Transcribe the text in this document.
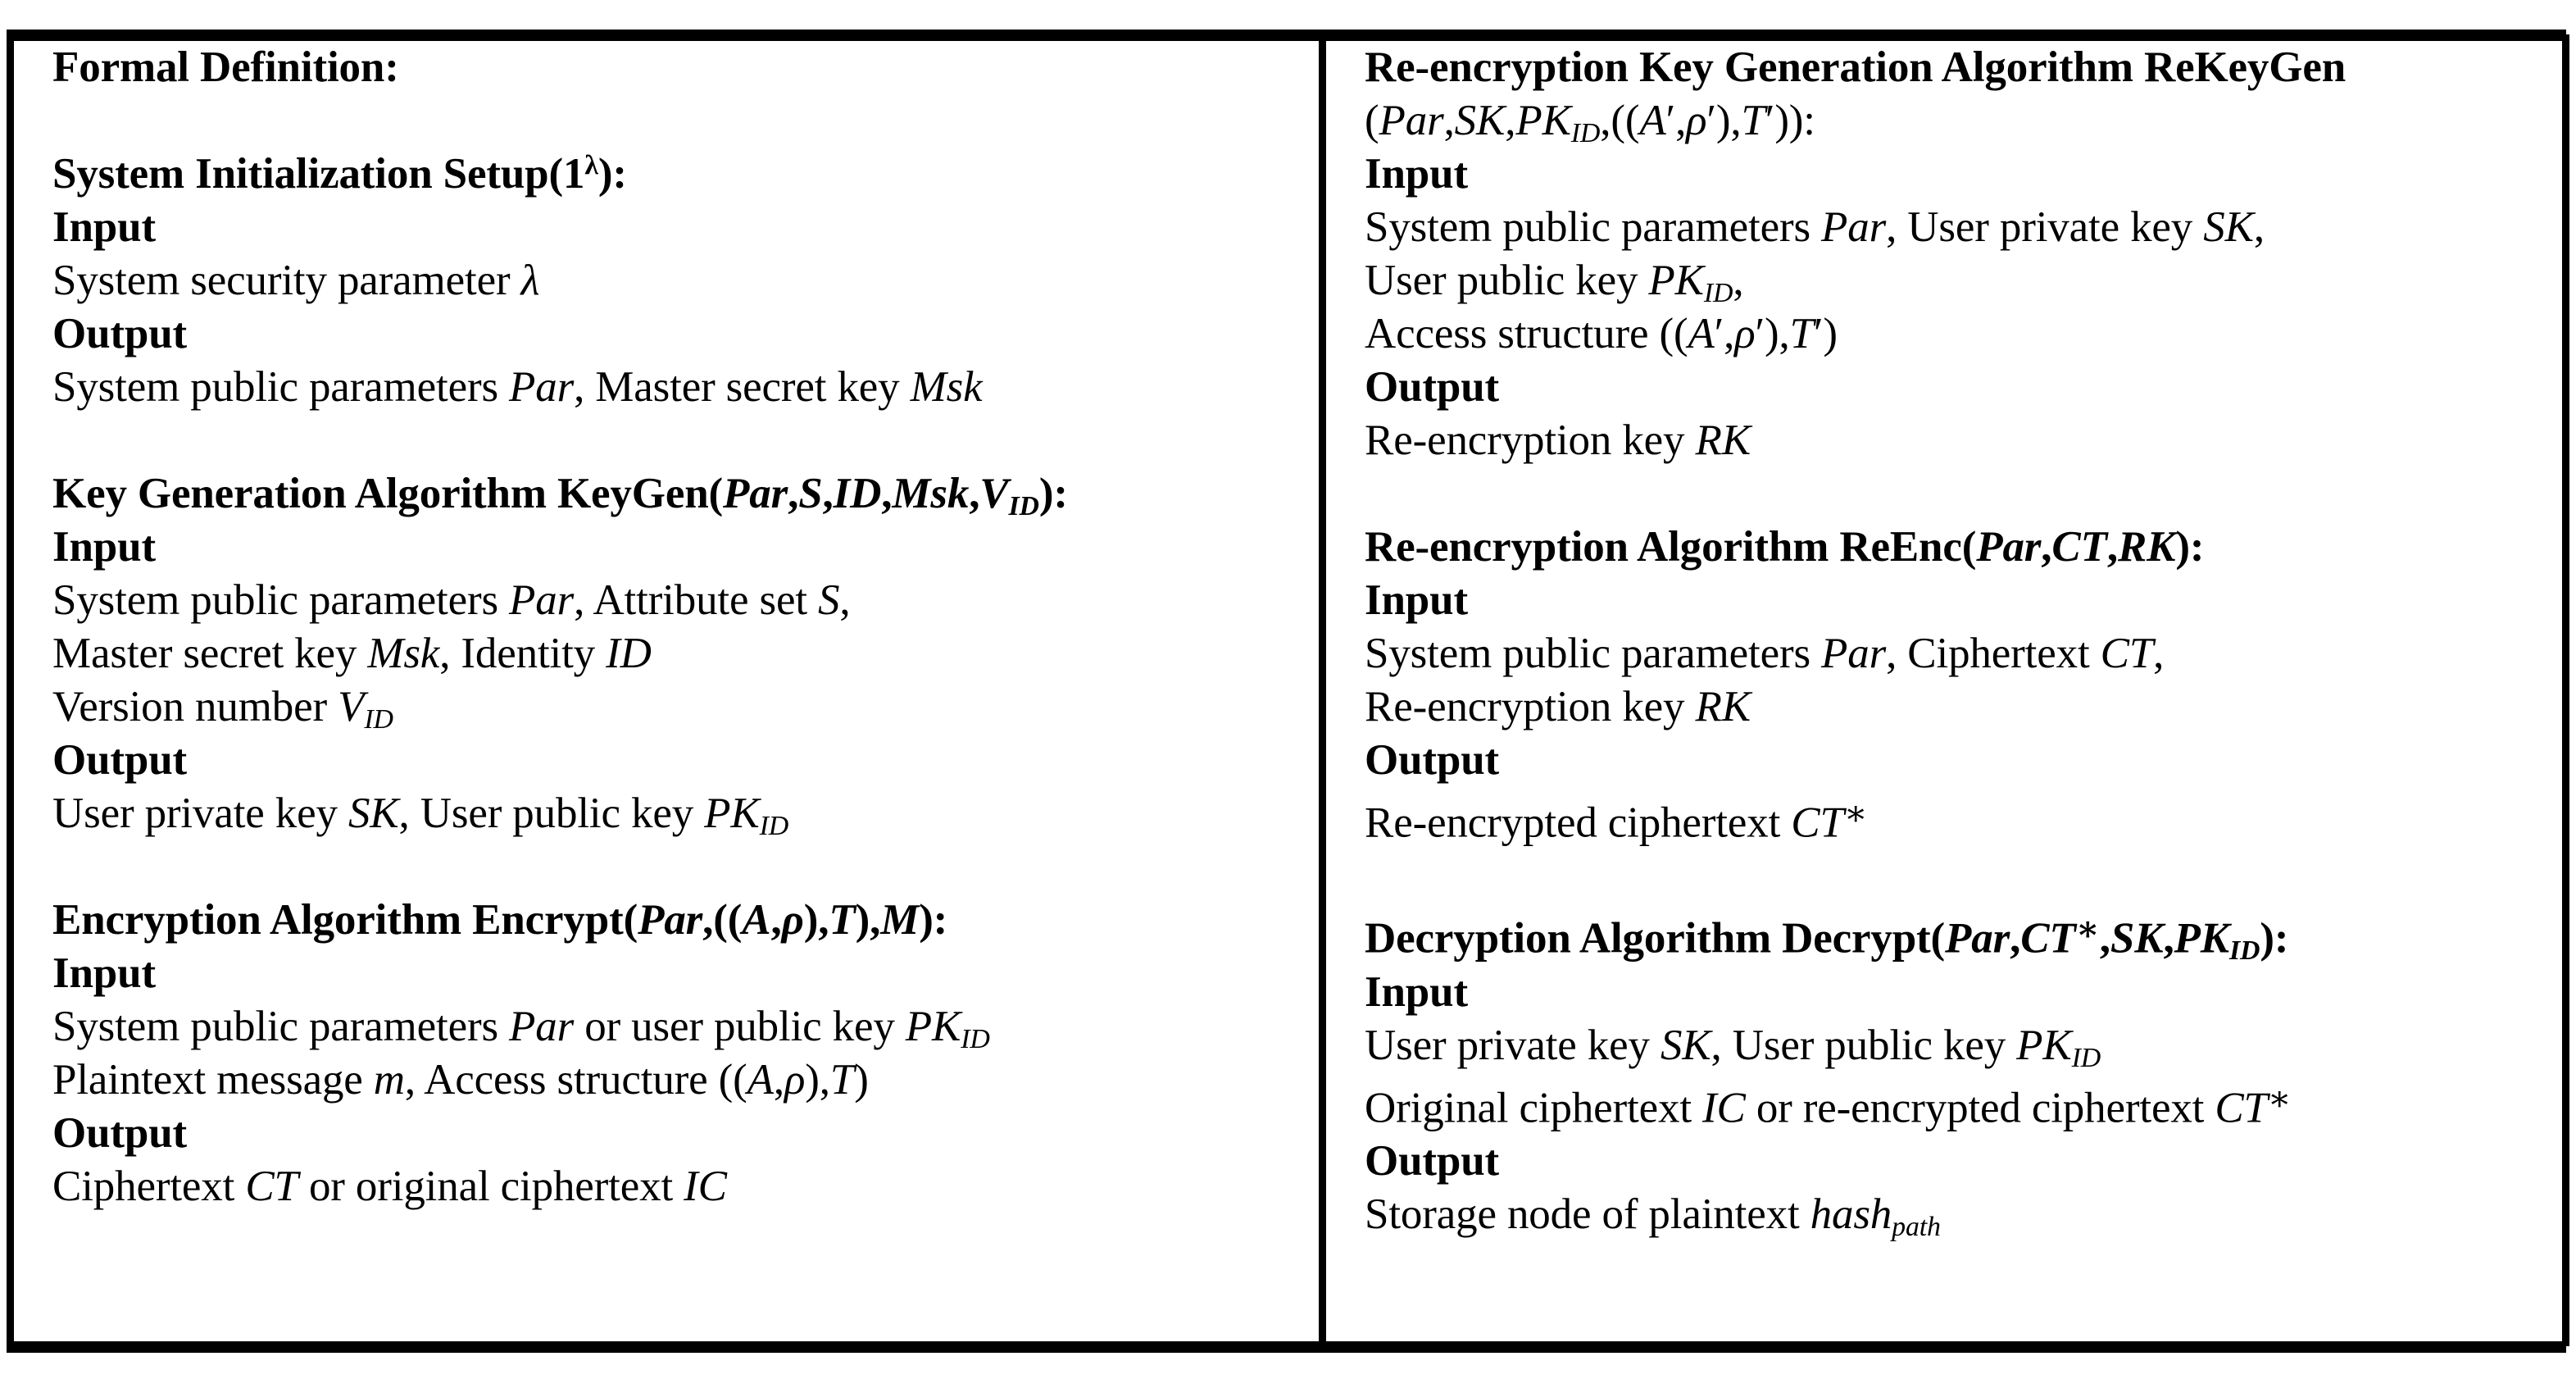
Formal Definition:
System Initialization $Setup(1^\lambda)$:
Input
System security parameter λ
Output
System public parameters Par, Master secret key Msk
Key Generation Algorithm $KeyGen(Par,S,ID,Msk,V_{ID})$:
Input
System public parameters Par, Attribute set S,
Master secret key Msk, Identity ID
Version number $V_{ID}$
Output
User private key SK, User public key $PK_{ID}$
Encryption Algorithm Encrypt(Par,((A,ρ),T),M):
Input
System public parameters Par or user public key $PK_{ID}$
Plaintext message m, Access structure ((A,ρ),T)
Output
Ciphertext CT or original ciphertext IC
Re-encryption Key Generation Algorithm ReKeyGen
$(Par,SK,PK_{ID},((A',\rho'),T'))$:
Input
System public parameters Par, User private key SK,
User public key $PK_{ID}$,
Access structure ((A′,ρ′),T′)
Output
Re-encryption key RK
Re-encryption Algorithm ReEnc(Par,CT,RK):
Input
System public parameters Par, Ciphertext CT,
Re-encryption key RK
Output
Re-encrypted ciphertext CT∗
Decryption Algorithm $Decrypt(Par,CT^∗,SK,PK_{ID})$:
Input
User private key SK, User public key $PK_{ID}$
Original ciphertext IC or re-encrypted ciphertext CT∗
Output
Storage node of plaintext hash$_{path}$
